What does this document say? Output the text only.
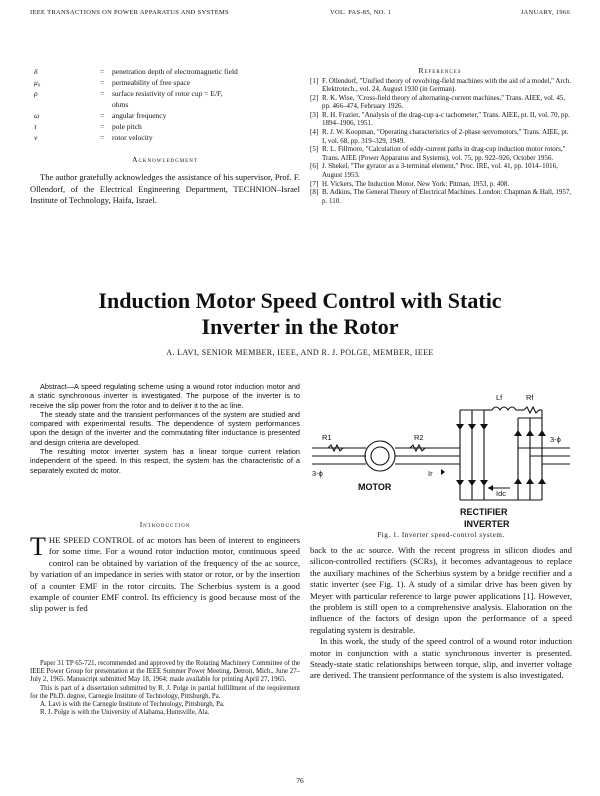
IEEE TRANSACTIONS ON POWER APPARATUS AND SYSTEMS	VOL. PAS-85, NO. 1	JANUARY, 1966
δ	= penetration depth of electromagnetic field
μ₀	= permeability of free space
ρ	= surface resistivity of rotor cup = E/F,
ohms
ω	= angular frequency
τ	= pole pitch
ν	= rotor velocity
Acknowledgment
The author gratefully acknowledges the assistance of his supervisor, Prof. F. Ollendorf, of the Electrical Engineering Department, TECHNION–Israel Institute of Technology, Haifa, Israel.
References
[1] F. Ollendorf, "Unified theory of revolving-field machines with the aid of a model," Arch. Elektrotech., vol. 24, August 1930 (in German).
[2] R. K. Wise, "Cross-field theory of alternating-current machines," Trans. AIEE, vol. 45, pp. 466–474, February 1926.
[3] R. H. Frazier, "Analysis of the drag-cup a-c tachometer," Trans. AIEE, pt. II, vol. 70, pp. 1894–1906, 1951.
[4] R. J. W. Koopman, "Operating characteristics of 2-phase servomotors," Trans. AIEE, pt. I, vol. 68, pp. 319–329, 1949.
[5] R. L. Fillmore, "Calculation of eddy-current paths in drag-cup induction motor rotors," Trans. AIEE (Power Apparatus and Systems), vol. 75, pp. 922–926, October 1956.
[6] J. Shekel, "The gyrator as a 3-terminal element," Proc. IRE, vol. 41, pp. 1014–1016, August 1953.
[7] H. Vickers, The Induction Motor. New York: Pitman, 1953, p. 408.
[8] B. Adkins, The General Theory of Electrical Machines. London: Chapman & Hall, 1957, p. 110.
Induction Motor Speed Control with Static
Inverter in the Rotor
A. LAVI, SENIOR MEMBER, IEEE, AND R. J. POLGE, MEMBER, IEEE

Abstract—A speed regulating scheme using a wound rotor induction motor and a static synchronous inverter is investigated. The purpose of the inverter is to receive the slip power from the rotor and to deliver it to the ac line.

The steady state and the transient performances of the system are studied and compared with experimental results. The dependence of system performances upon the design of the inverter and the commutating filter inductance is presented and design criteria are developed.

The resulting motor inverter system has a linear torque current relation independent of the speed. In this respect, the system has the characteristic of a separately excited dc motor.

R1	R2
Ir
Lf	Rf
Idc
3-ϕ
3-ϕ
MOTOR
RECTIFIER
INVERTER
Fig. 1. Inverter speed-control system.
Introduction
THE SPEED CONTROL of ac motors has been of interest to engineers for some time. For a wound rotor induction motor, continuous speed control can be obtained by variation of the frequency of the ac source, by variation of an impedance in series with stator or rotor, or by the insertion of a counter EMF in the rotor circuits. The Scherbius system is a good example of counter EMF control. Its efficiency is good because most of the slip power is fed

Paper 31 TP 65-721, recommended and approved by the Rotating Machinery Committee of the IEEE Power Group for presentation at the IEEE Summer Power Meeting, Detroit, Mich., June 27–July 2, 1965. Manuscript submitted May 18, 1964; made available for printing April 27, 1965.

This is part of a dissertation submitted by R. J. Polge in partial fulfillment of the requirement for the Ph.D. degree, Carnegie Institute of Technology, Pittsburgh, Pa.

A. Lavi is with the Carnegie Institute of Technology, Pittsburgh, Pa.

R. J. Polge is with the University of Alabama, Huntsville, Ala.

back to the ac source. With the recent progress in silicon diodes and silicon-controlled rectifiers (SCRs), it becomes advantageous to replace the auxiliary machines of the Scherbius system by a bridge rectifier and a static inverter (see Fig. 1). A study of a similar drive has been given by Meyer with particular reference to large power applications [1]. However, the problem is still open to a comprehensive analysis. Elaboration on the influence of the factors of design upon the performance of a speed regulating system is desirable.

In this work, the study of the speed control of a wound rotor induction motor in conjunction with a static synchronous inverter is presented. Steady-state static relationships between torque, slip, and inverter voltage are derived. The transient performance of the system is also investigated.

76
